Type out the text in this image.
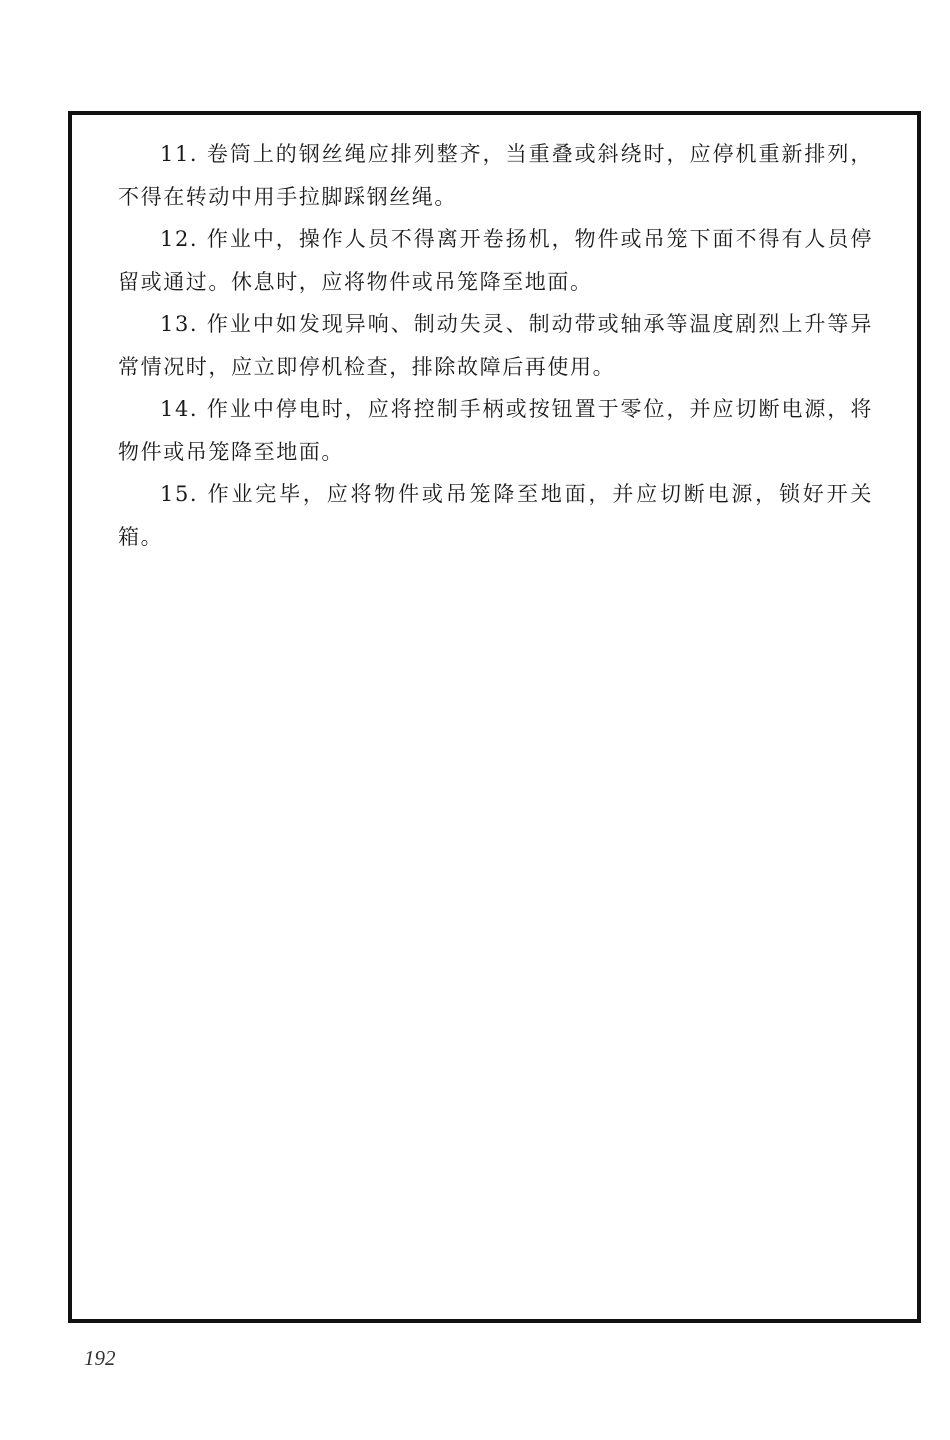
11. 卷筒上的钢丝绳应排列整齐，当重叠或斜绕时，应停机重新排列，不得在转动中用手拉脚踩钢丝绳。

12. 作业中，操作人员不得离开卷扬机，物件或吊笼下面不得有人员停留或通过。休息时，应将物件或吊笼降至地面。

13. 作业中如发现异响、制动失灵、制动带或轴承等温度剧烈上升等异常情况时，应立即停机检查，排除故障后再使用。

14. 作业中停电时，应将控制手柄或按钮置于零位，并应切断电源，将物件或吊笼降至地面。

15. 作业完毕，应将物件或吊笼降至地面，并应切断电源，锁好开关箱。

192
